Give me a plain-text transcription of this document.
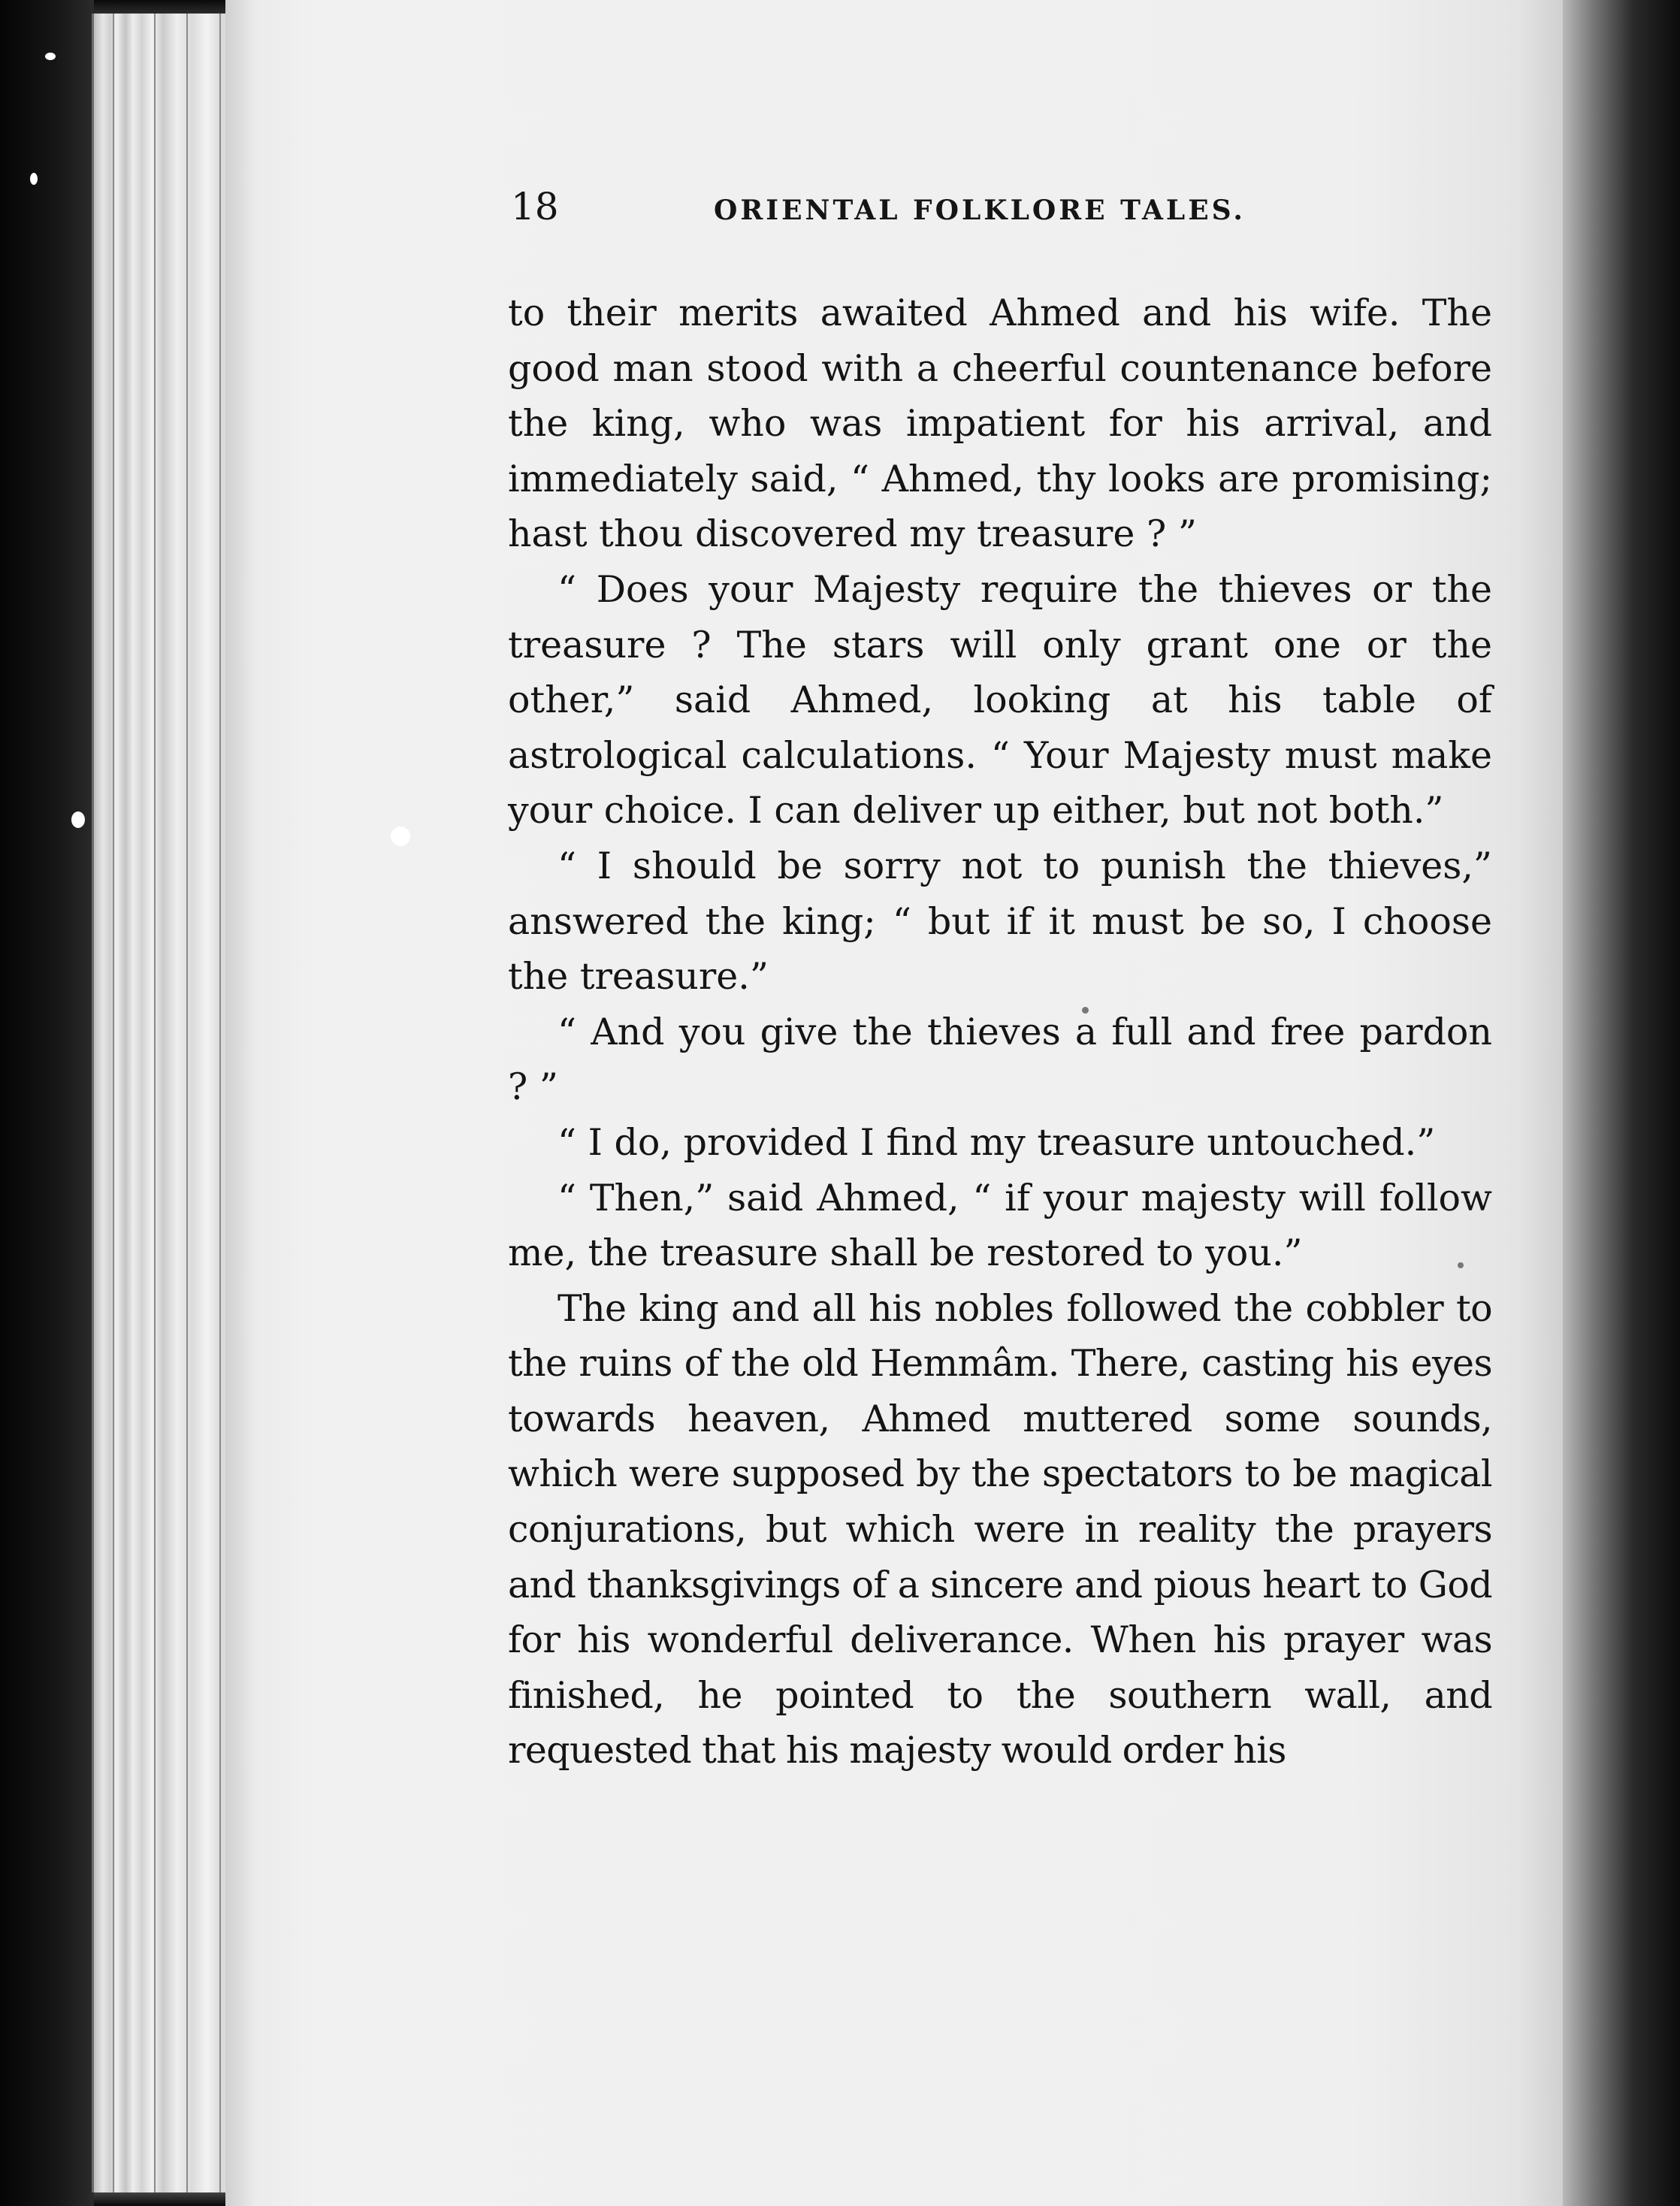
18	ORIENTAL FOLKLORE TALES.

to their merits awaited Ahmed and his wife. The good man stood with a cheerful countenance before the king, who was impatient for his arrival, and immediately said, “ Ahmed, thy looks are promising; hast thou discovered my treasure ? ”

“ Does your Majesty require the thieves or the treasure ? The stars will only grant one or the other,” said Ahmed, looking at his table of astrological calculations. “ Your Majesty must make your choice. I can deliver up either, but not both.”

“ I should be sorry not to punish the thieves,” answered the king; “ but if it must be so, I choose the treasure.”

“ And you give the thieves a full and free pardon ? ”

“ I do, provided I find my treasure untouched.”

“ Then,” said Ahmed, “ if your majesty will follow me, the treasure shall be restored to you.”

The king and all his nobles followed the cobbler to the ruins of the old Hemmâm. There, casting his eyes towards heaven, Ahmed muttered some sounds, which were supposed by the spectators to be magical conjurations, but which were in reality the prayers and thanksgivings of a sincere and pious heart to God for his wonderful deliverance. When his prayer was finished, he pointed to the southern wall, and requested that his majesty would order his
